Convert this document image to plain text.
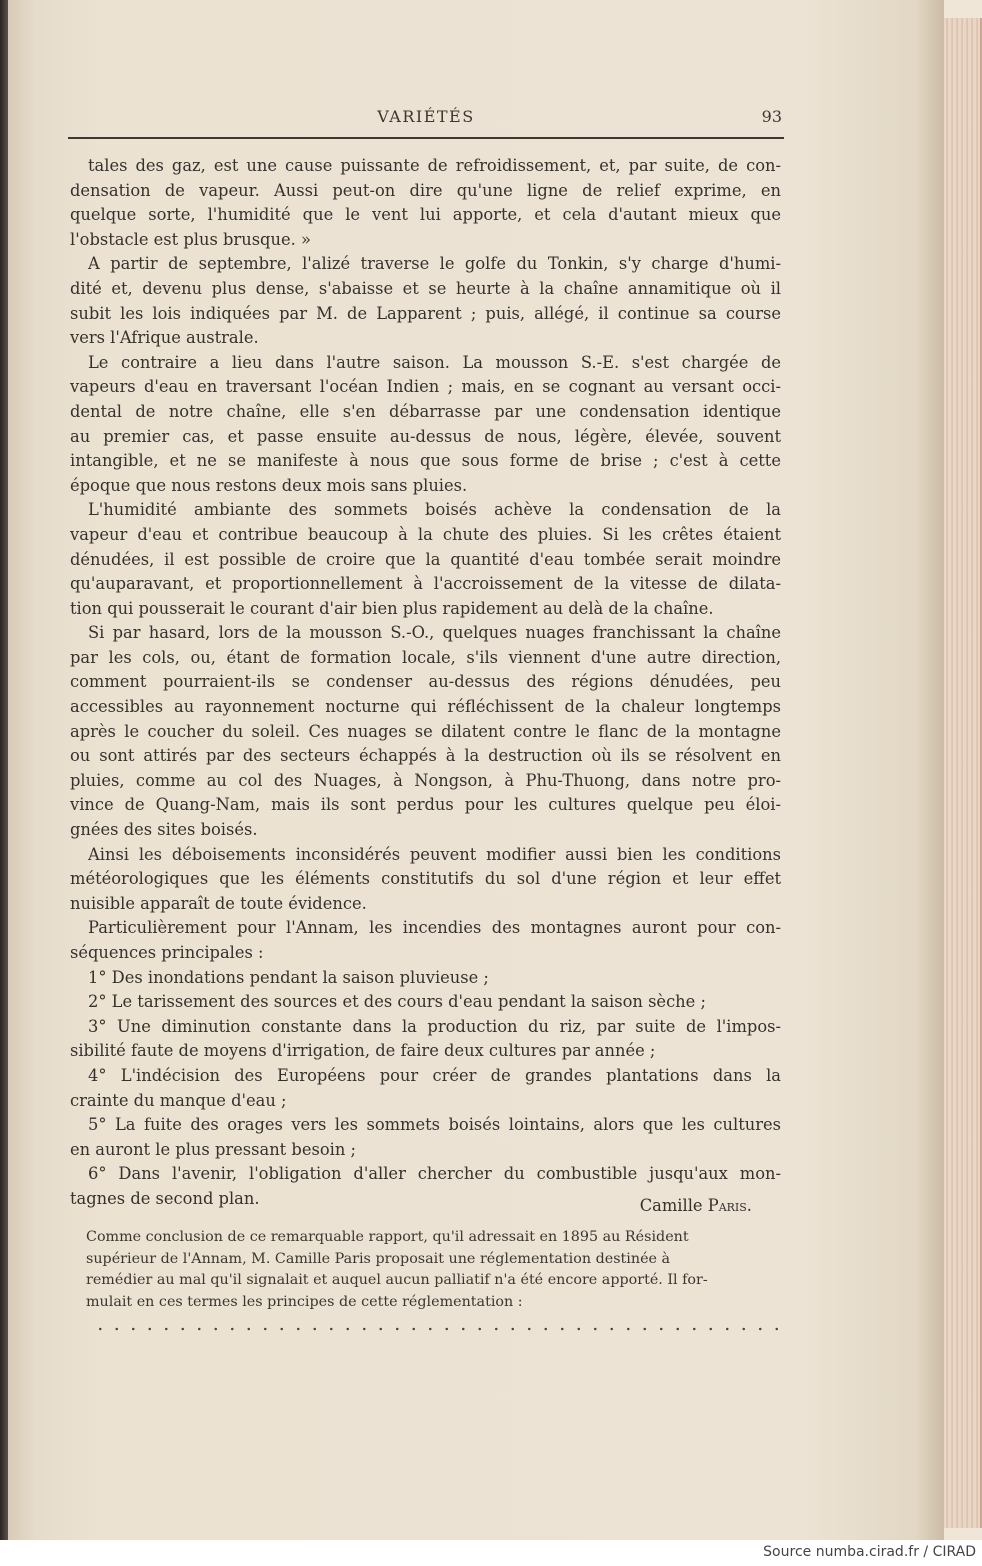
VARIÉTÉS	93

tales des gaz, est une cause puissante de refroidissement, et, par suite, de con-

densation de vapeur. Aussi peut-on dire qu'une ligne de relief exprime, en

quelque sorte, l'humidité que le vent lui apporte, et cela d'autant mieux que

l'obstacle est plus brusque. »

A partir de septembre, l'alizé traverse le golfe du Tonkin, s'y charge d'humi-

dité et, devenu plus dense, s'abaisse et se heurte à la chaîne annamitique où il

subit les lois indiquées par M. de Lapparent ; puis, allégé, il continue sa course

vers l'Afrique australe.

Le contraire a lieu dans l'autre saison. La mousson S.-E. s'est chargée de

vapeurs d'eau en traversant l'océan Indien ; mais, en se cognant au versant occi-

dental de notre chaîne, elle s'en débarrasse par une condensation identique

au premier cas, et passe ensuite au-dessus de nous, légère, élevée, souvent

intangible, et ne se manifeste à nous que sous forme de brise ; c'est à cette

époque que nous restons deux mois sans pluies.

L'humidité ambiante des sommets boisés achève la condensation de la

vapeur d'eau et contribue beaucoup à la chute des pluies. Si les crêtes étaient

dénudées, il est possible de croire que la quantité d'eau tombée serait moindre

qu'auparavant, et proportionnellement à l'accroissement de la vitesse de dilata-

tion qui pousserait le courant d'air bien plus rapidement au delà de la chaîne.

Si par hasard, lors de la mousson S.-O., quelques nuages franchissant la chaîne

par les cols, ou, étant de formation locale, s'ils viennent d'une autre direction,

comment pourraient-ils se condenser au-dessus des régions dénudées, peu

accessibles au rayonnement nocturne qui réfléchissent de la chaleur longtemps

après le coucher du soleil. Ces nuages se dilatent contre le flanc de la montagne

ou sont attirés par des secteurs échappés à la destruction où ils se résolvent en

pluies, comme au col des Nuages, à Nongson, à Phu-Thuong, dans notre pro-

vince de Quang-Nam, mais ils sont perdus pour les cultures quelque peu éloi-

gnées des sites boisés.

Ainsi les déboisements inconsidérés peuvent modifier aussi bien les conditions

météorologiques que les éléments constitutifs du sol d'une région et leur effet

nuisible apparaît de toute évidence.

Particulièrement pour l'Annam, les incendies des montagnes auront pour con-

séquences principales :

1° Des inondations pendant la saison pluvieuse ;

2° Le tarissement des sources et des cours d'eau pendant la saison sèche ;

3° Une diminution constante dans la production du riz, par suite de l'impos-

sibilité faute de moyens d'irrigation, de faire deux cultures par année ;

4° L'indécision des Européens pour créer de grandes plantations dans la

crainte du manque d'eau ;

5° La fuite des orages vers les sommets boisés lointains, alors que les cultures

en auront le plus pressant besoin ;

6° Dans l'avenir, l'obligation d'aller chercher du combustible jusqu'aux mon-

tagnes de second plan.	Camille Paris.

Comme conclusion de ce remarquable rapport, qu'il adressait en 1895 au Résident

supérieur de l'Annam, M. Camille Paris proposait une réglementation destinée à

remédier au mal qu'il signalait et auquel aucun palliatif n'a été encore apporté. Il for-

mulait en ces termes les principes de cette réglementation :

Source numba.cirad.fr / CIRAD
